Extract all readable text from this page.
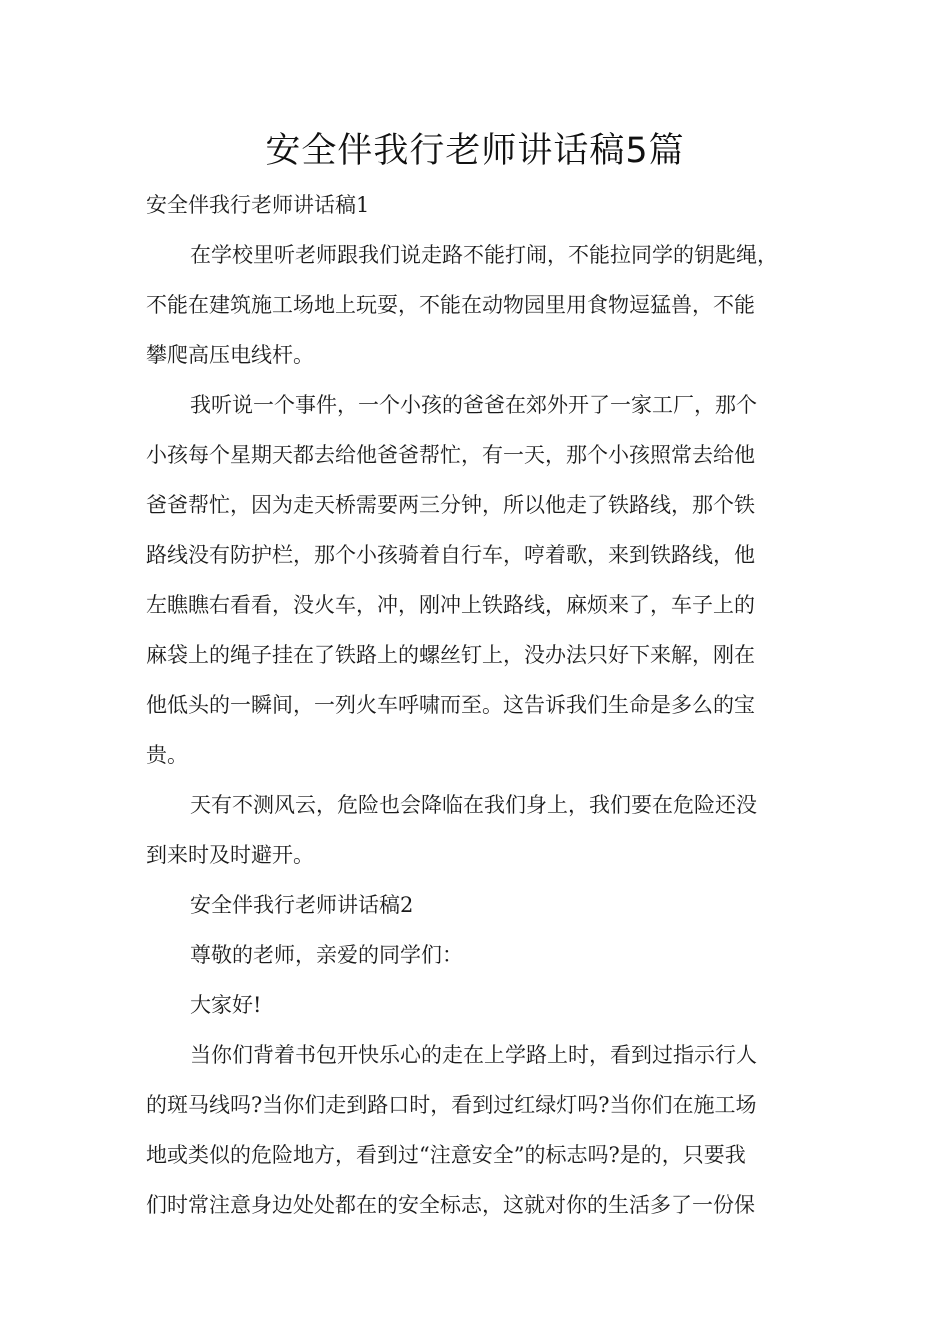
安全伴我行老师讲话稿5篇
安全伴我行老师讲话稿1
在学校里听老师跟我们说走路不能打闹，不能拉同学的钥匙绳，
不能在建筑施工场地上玩耍，不能在动物园里用食物逗猛兽，不能
攀爬高压电线杆。
我听说一个事件，一个小孩的爸爸在郊外开了一家工厂，那个
小孩每个星期天都去给他爸爸帮忙，有一天，那个小孩照常去给他
爸爸帮忙，因为走天桥需要两三分钟，所以他走了铁路线，那个铁
路线没有防护栏，那个小孩骑着自行车，哼着歌，来到铁路线，他
左瞧瞧右看看，没火车，冲，刚冲上铁路线，麻烦来了，车子上的
麻袋上的绳子挂在了铁路上的螺丝钉上，没办法只好下来解，刚在
他低头的一瞬间，一列火车呼啸而至。这告诉我们生命是多么的宝
贵。
天有不测风云，危险也会降临在我们身上，我们要在危险还没
到来时及时避开。
安全伴我行老师讲话稿2
尊敬的老师，亲爱的同学们：
大家好!
当你们背着书包开快乐心的走在上学路上时，看到过指示行人
的斑马线吗?当你们走到路口时，看到过红绿灯吗?当你们在施工场
地或类似的危险地方，看到过“注意安全”的标志吗?是的，只要我
们时常注意身边处处都在的安全标志，这就对你的生活多了一份保
